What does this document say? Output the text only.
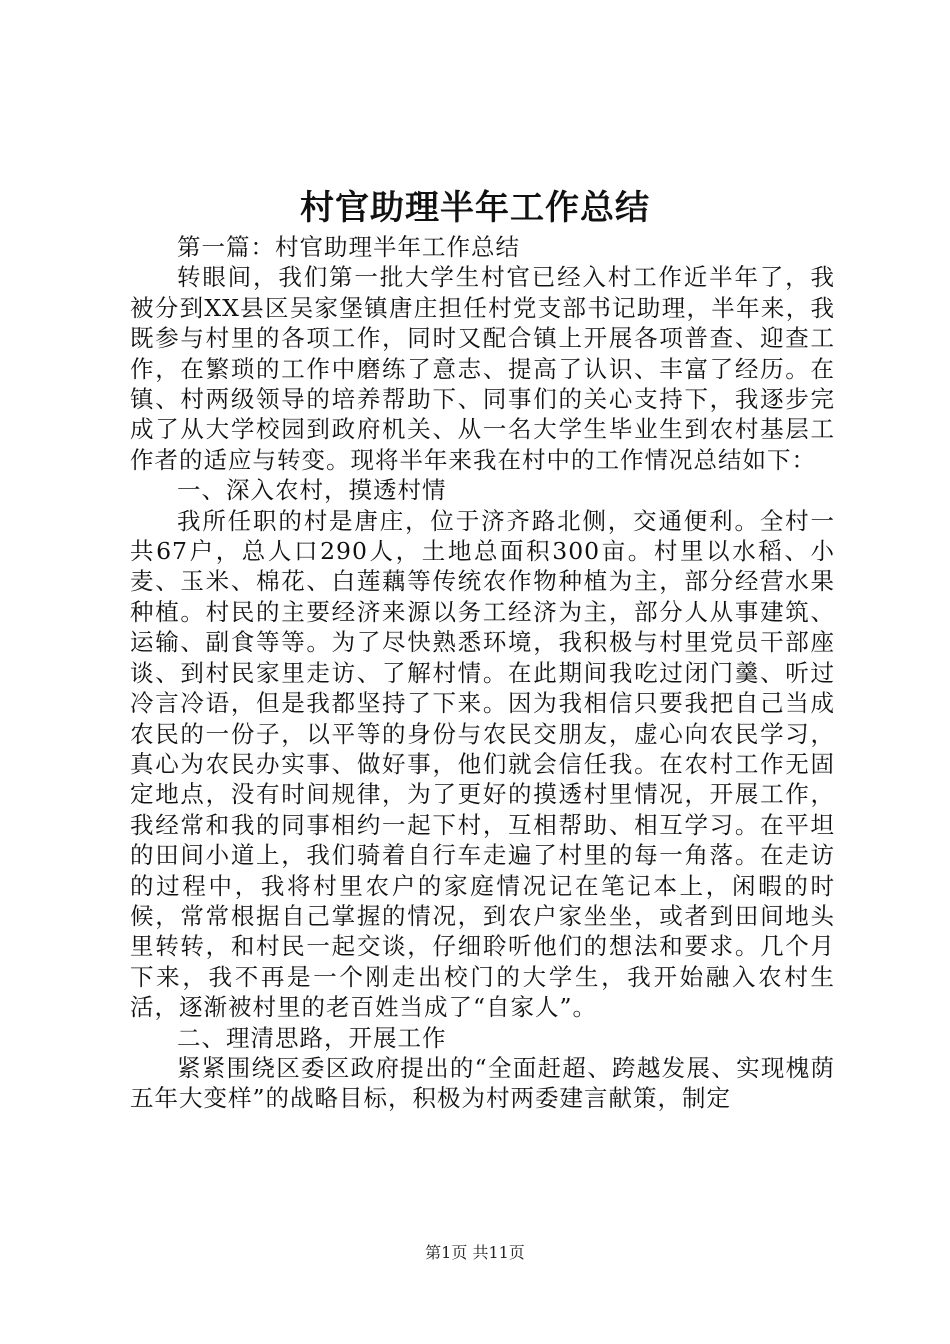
村官助理半年工作总结

第一篇：村官助理半年工作总结

转眼间，我们第一批大学生村官已经入村工作近半年了，我被分到XX县区吴家堡镇唐庄担任村党支部书记助理，半年来，我既参与村里的各项工作，同时又配合镇上开展各项普查、迎查工作，在繁琐的工作中磨练了意志、提高了认识、丰富了经历。在镇、村两级领导的培养帮助下、同事们的关心支持下，我逐步完成了从大学校园到政府机关、从一名大学生毕业生到农村基层工作者的适应与转变。现将半年来我在村中的工作情况总结如下：

一、深入农村，摸透村情

我所任职的村是唐庄，位于济齐路北侧，交通便利。全村一共67户，总人口290人，土地总面积300亩。村里以水稻、小麦、玉米、棉花、白莲藕等传统农作物种植为主，部分经营水果种植。村民的主要经济来源以务工经济为主，部分人从事建筑、运输、副食等等。为了尽快熟悉环境，我积极与村里党员干部座谈、到村民家里走访、了解村情。在此期间我吃过闭门羹、听过冷言冷语，但是我都坚持了下来。因为我相信只要我把自己当成农民的一份子，以平等的身份与农民交朋友，虚心向农民学习，真心为农民办实事、做好事，他们就会信任我。在农村工作无固定地点，没有时间规律，为了更好的摸透村里情况，开展工作，我经常和我的同事相约一起下村，互相帮助、相互学习。在平坦的田间小道上，我们骑着自行车走遍了村里的每一角落。在走访的过程中，我将村里农户的家庭情况记在笔记本上，闲暇的时候，常常根据自己掌握的情况，到农户家坐坐，或者到田间地头里转转，和村民一起交谈，仔细聆听他们的想法和要求。几个月下来，我不再是一个刚走出校门的大学生，我开始融入农村生活，逐渐被村里的老百姓当成了“自家人”。

二、理清思路，开展工作

紧紧围绕区委区政府提出的“全面赶超、跨越发展、实现槐荫五年大变样”的战略目标，积极为村两委建言献策，制定

第1页 共11页
